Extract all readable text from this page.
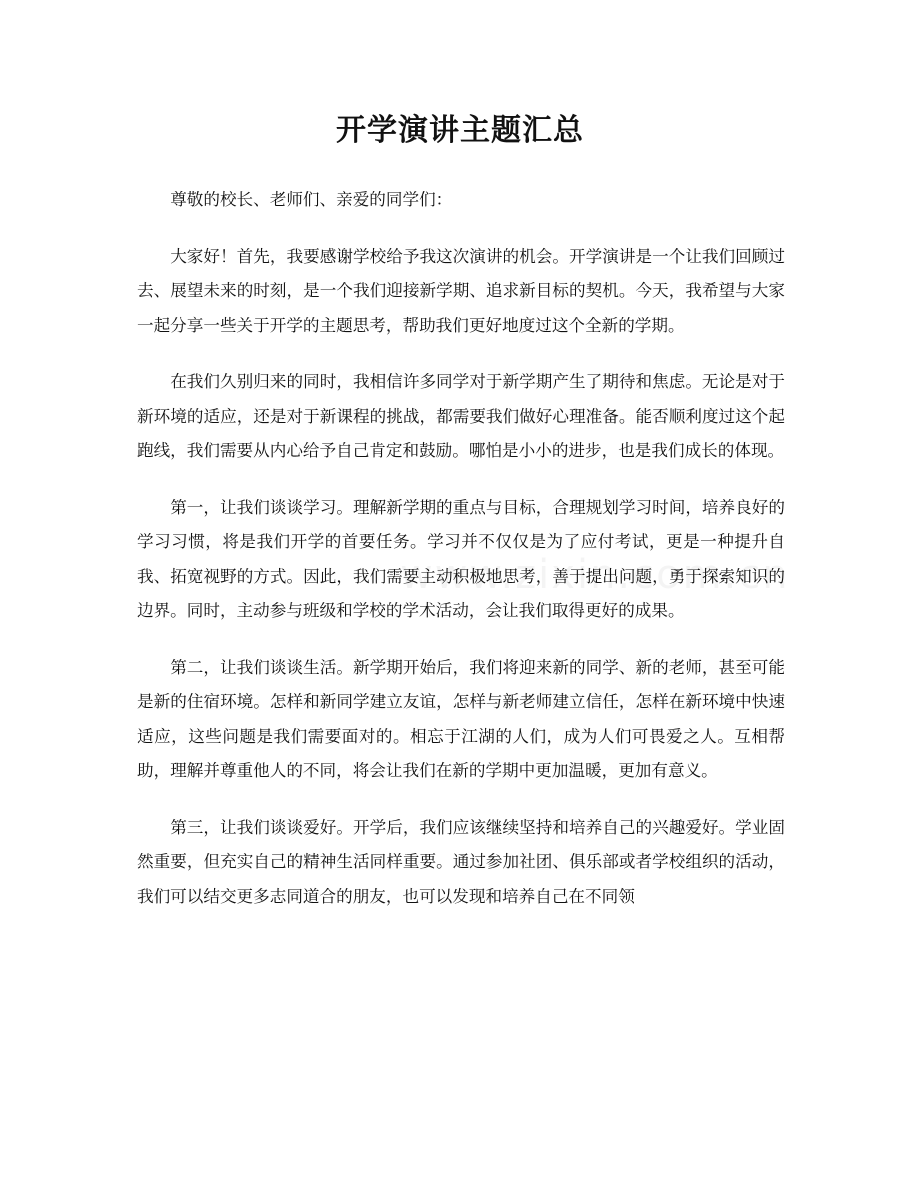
开学演讲主题汇总

尊敬的校长、老师们、亲爱的同学们：

大家好！首先，我要感谢学校给予我这次演讲的机会。开学演讲是一个让我们回顾过去、展望未来的时刻，是一个我们迎接新学期、追求新目标的契机。今天，我希望与大家一起分享一些关于开学的主题思考，帮助我们更好地度过这个全新的学期。

在我们久别归来的同时，我相信许多同学对于新学期产生了期待和焦虑。无论是对于新环境的适应，还是对于新课程的挑战，都需要我们做好心理准备。能否顺利度过这个起跑线，我们需要从内心给予自己肯定和鼓励。哪怕是小小的进步，也是我们成长的体现。

第一，让我们谈谈学习。理解新学期的重点与目标，合理规划学习时间，培养良好的学习习惯，将是我们开学的首要任务。学习并不仅仅是为了应付考试，更是一种提升自我、拓宽视野的方式。因此，我们需要主动积极地思考，善于提出问题，勇于探索知识的边界。同时，主动参与班级和学校的学术活动，会让我们取得更好的成果。

第二，让我们谈谈生活。新学期开始后，我们将迎来新的同学、新的老师，甚至可能是新的住宿环境。怎样和新同学建立友谊，怎样与新老师建立信任，怎样在新环境中快速适应，这些问题是我们需要面对的。相忘于江湖的人们，成为人们可畏爱之人。互相帮助，理解并尊重他人的不同，将会让我们在新的学期中更加温暖，更加有意义。

第三，让我们谈谈爱好。开学后，我们应该继续坚持和培养自己的兴趣爱好。学业固然重要，但充实自己的精神生活同样重要。通过参加社团、俱乐部或者学校组织的活动，我们可以结交更多志同道合的朋友，也可以发现和培养自己在不同领
